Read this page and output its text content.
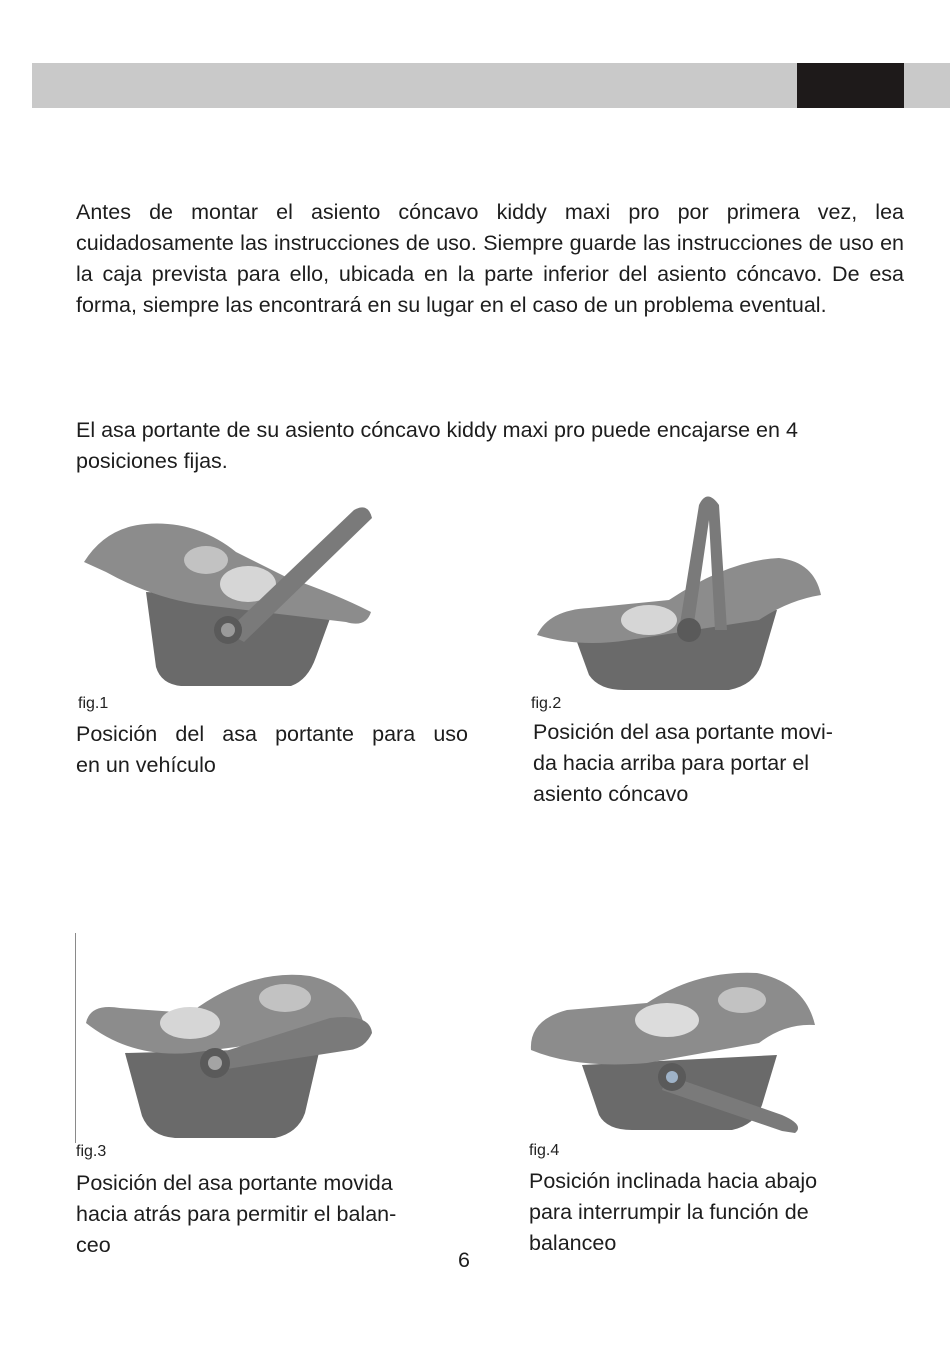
Antes de montar el asiento cóncavo kiddy maxi pro por primera vez, lea cuidadosamente las instrucciones de uso. Siempre guarde las instrucciones de uso en la caja prevista para ello, ubicada en la parte inferior del asiento cóncavo. De esa forma, siempre las encontrará en su lugar en el caso de un problema eventual.

El asa portante de su asiento cóncavo kiddy maxi pro puede encajarse en 4 posiciones fijas.

fig.1

Posición del asa portante para uso

en un vehículo

fig.2

Posición del asa portante movi-

da hacia arriba para portar el

asiento cóncavo

fig.3

Posición del asa portante movida

hacia atrás para permitir el balan-

ceo

fig.4

Posición inclinada hacia abajo

para interrumpir la función de

balanceo

6
